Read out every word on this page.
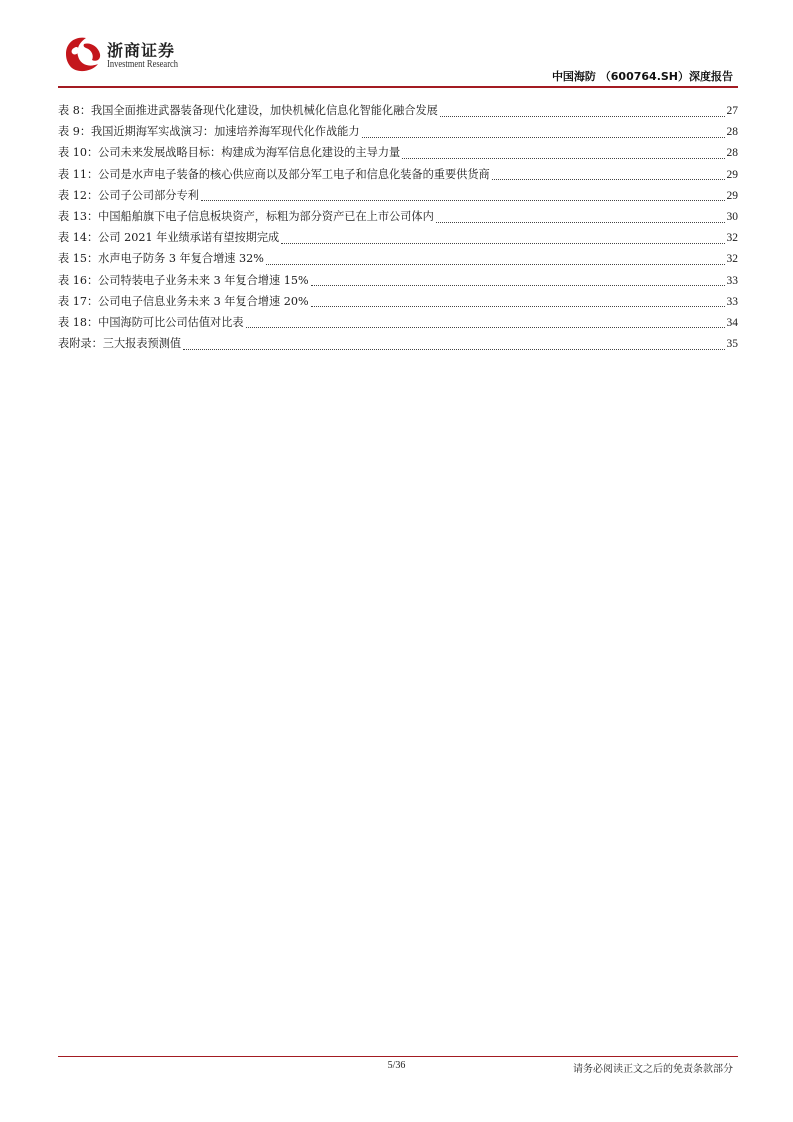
浙商证券
Investment Research
中国海防 （600764.SH）深度报告
表 8：我国全面推进武器装备现代化建设，加快机械化信息化智能化融合发展	27
表 9：我国近期海军实战演习：加速培养海军现代化作战能力	28
表 10：公司未来发展战略目标：构建成为海军信息化建设的主导力量	28
表 11：公司是水声电子装备的核心供应商以及部分军工电子和信息化装备的重要供货商	29
表 12：公司子公司部分专利	29
表 13：中国船舶旗下电子信息板块资产，标粗为部分资产已在上市公司体内	30
表 14：公司 2021 年业绩承诺有望按期完成	32
表 15：水声电子防务 3 年复合增速 32%	32
表 16：公司特装电子业务未来 3 年复合增速 15%	33
表 17：公司电子信息业务未来 3 年复合增速 20%	33
表 18：中国海防可比公司估值对比表	34
表附录：三大报表预测值	35
5/36	请务必阅读正文之后的免责条款部分
